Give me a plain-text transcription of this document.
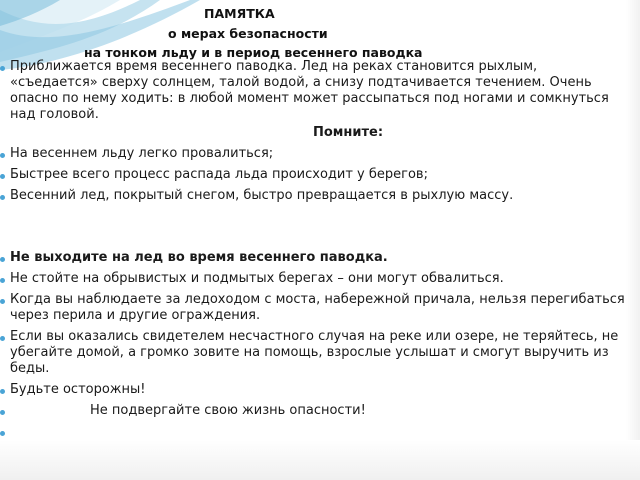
ПАМЯТКА
о мерах безопасности
на тонком льду и в период весеннего паводка
Приближается время весеннего паводка. Лед на реках становится рыхлым, «съедается» сверху солнцем, талой водой, а снизу подтачивается течением. Очень опасно по нему ходить: в любой момент может рассыпаться под ногами и сомкнуться над головой.
Помните:
На весеннем льду легко провалиться;
Быстрее всего процесс распада льда происходит у берегов;
Весенний лед, покрытый снегом, быстро превращается в рыхлую массу.
Не выходите на лед во время весеннего паводка.
Не стойте на обрывистых и подмытых берегах – они могут обвалиться.
Когда вы наблюдаете за ледоходом с моста, набережной причала, нельзя перегибаться через перила и другие ограждения.
Если вы оказались свидетелем несчастного случая на реке или озере, не теряйтесь, не убегайте домой, а громко зовите на помощь, взрослые услышат и смогут выручить из беды.
Будьте осторожны!
Не подвергайте свою жизнь опасности!
